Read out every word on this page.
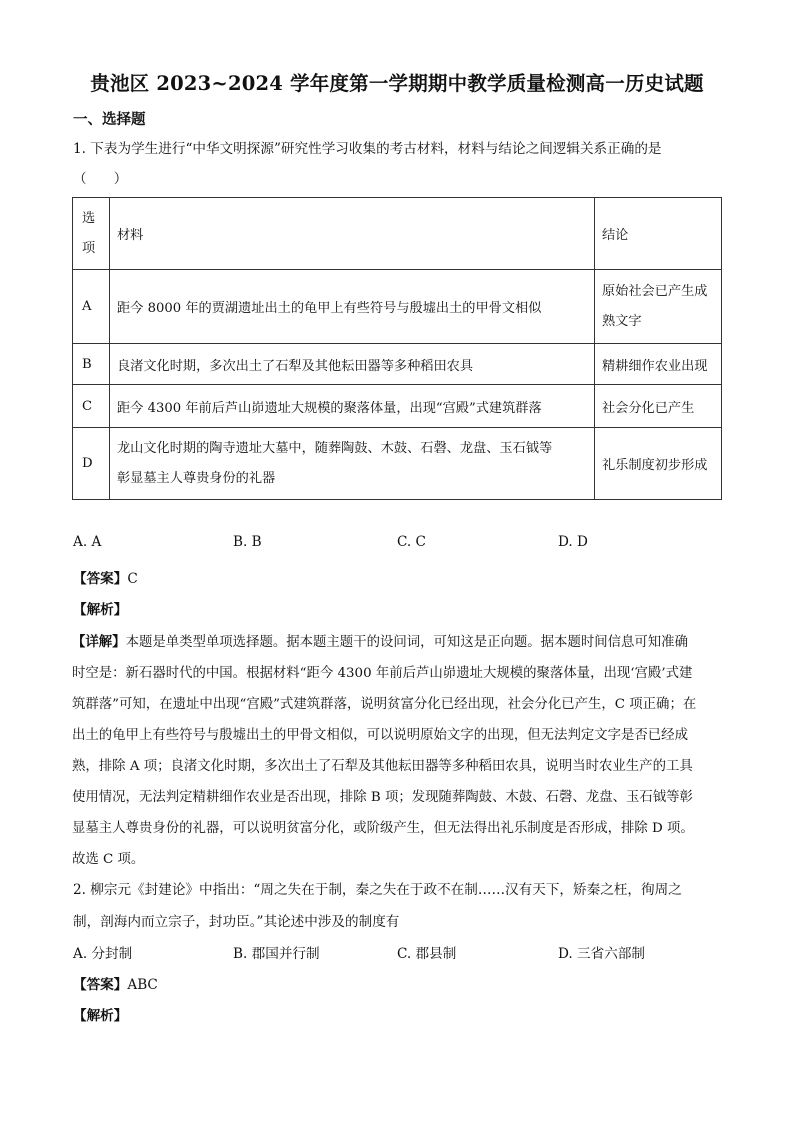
贵池区 2023~2024 学年度第一学期期中教学质量检测高一历史试题
一、选择题
1. 下表为学生进行“中华文明探源”研究性学习收集的考古材料，材料与结论之间逻辑关系正确的是
（　　）
选
项	材料	结论
A	距今 8000 年的贾湖遗址出土的龟甲上有些符号与殷墟出土的甲骨文相似	原始社会已产生成
熟文字

B	良渚文化时期，多次出土了石犁及其他耘田器等多种稻田农具	精耕细作农业出现
C	距今 4300 年前后芦山峁遗址大规模的聚落体量，出现“宫殿”式建筑群落	社会分化已产生
D	龙山文化时期的陶寺遗址大墓中，随葬陶鼓、木鼓、石磬、龙盘、玉石钺等
彰显墓主人尊贵身份的礼器	礼乐制度初步形成
A. A	B. B	C. C	D. D
【答案】C
【解析】
【详解】本题是单类型单项选择题。据本题主题干的设问词，可知这是正向题。据本题时间信息可知准确
时空是：新石器时代的中国。根据材料“距今 4300 年前后芦山峁遗址大规模的聚落体量，出现‘宫殿’式建
筑群落”可知，在遗址中出现“宫殿”式建筑群落，说明贫富分化已经出现，社会分化已产生，C 项正确；在
出土的龟甲上有些符号与殷墟出土的甲骨文相似，可以说明原始文字的出现，但无法判定文字是否已经成
熟，排除 A 项；良渚文化时期，多次出土了石犁及其他耘田器等多种稻田农具，说明当时农业生产的工具
使用情况，无法判定精耕细作农业是否出现，排除 B 项；发现随葬陶鼓、木鼓、石磬、龙盘、玉石钺等彰
显墓主人尊贵身份的礼器，可以说明贫富分化，或阶级产生，但无法得出礼乐制度是否形成，排除 D 项。
故选 C 项。
2. 柳宗元《封建论》中指出：“周之失在于制，秦之失在于政不在制……汉有天下，矫秦之枉，徇周之
制，剖海内而立宗子，封功臣。”其论述中涉及的制度有
A. 分封制	B. 郡国并行制	C. 郡县制	D. 三省六部制
【答案】ABC
【解析】
